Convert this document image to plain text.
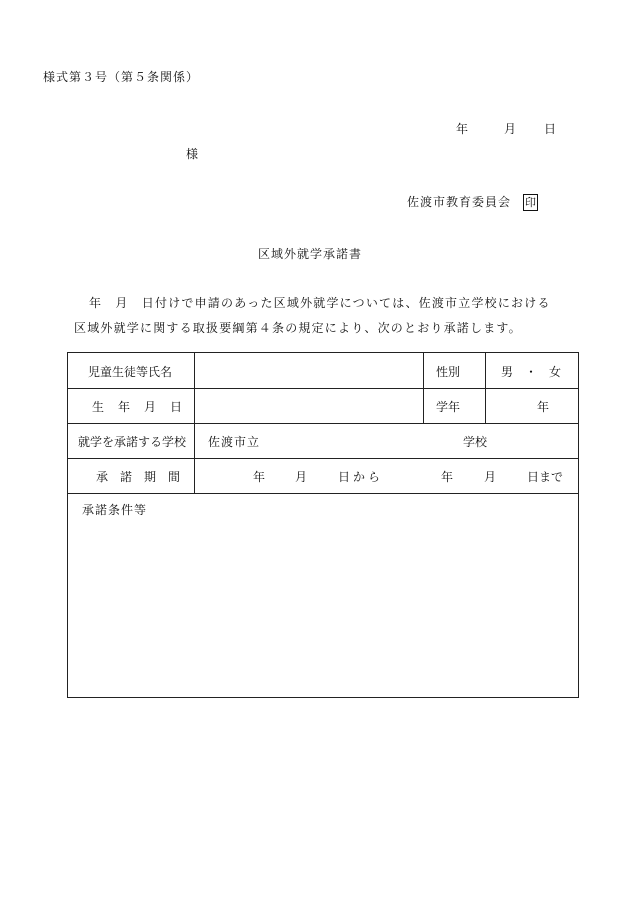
様式第３号（第５条関係）
年	月 日
様
佐渡市教育委員会 印
区域外就学承諾書
年　月　日付けで申請のあった区域外就学については、佐渡市立学校における
区域外就学に関する取扱要綱第４条の規定により、次のとおり承諾します。
児童生徒等氏名	性別	男　・　女
生　年　月　日	学年	年
就学を承諾する学校 佐渡市立	学校
承　諾　期　間	年 月	日から	年	月	日まで
承諾条件等
